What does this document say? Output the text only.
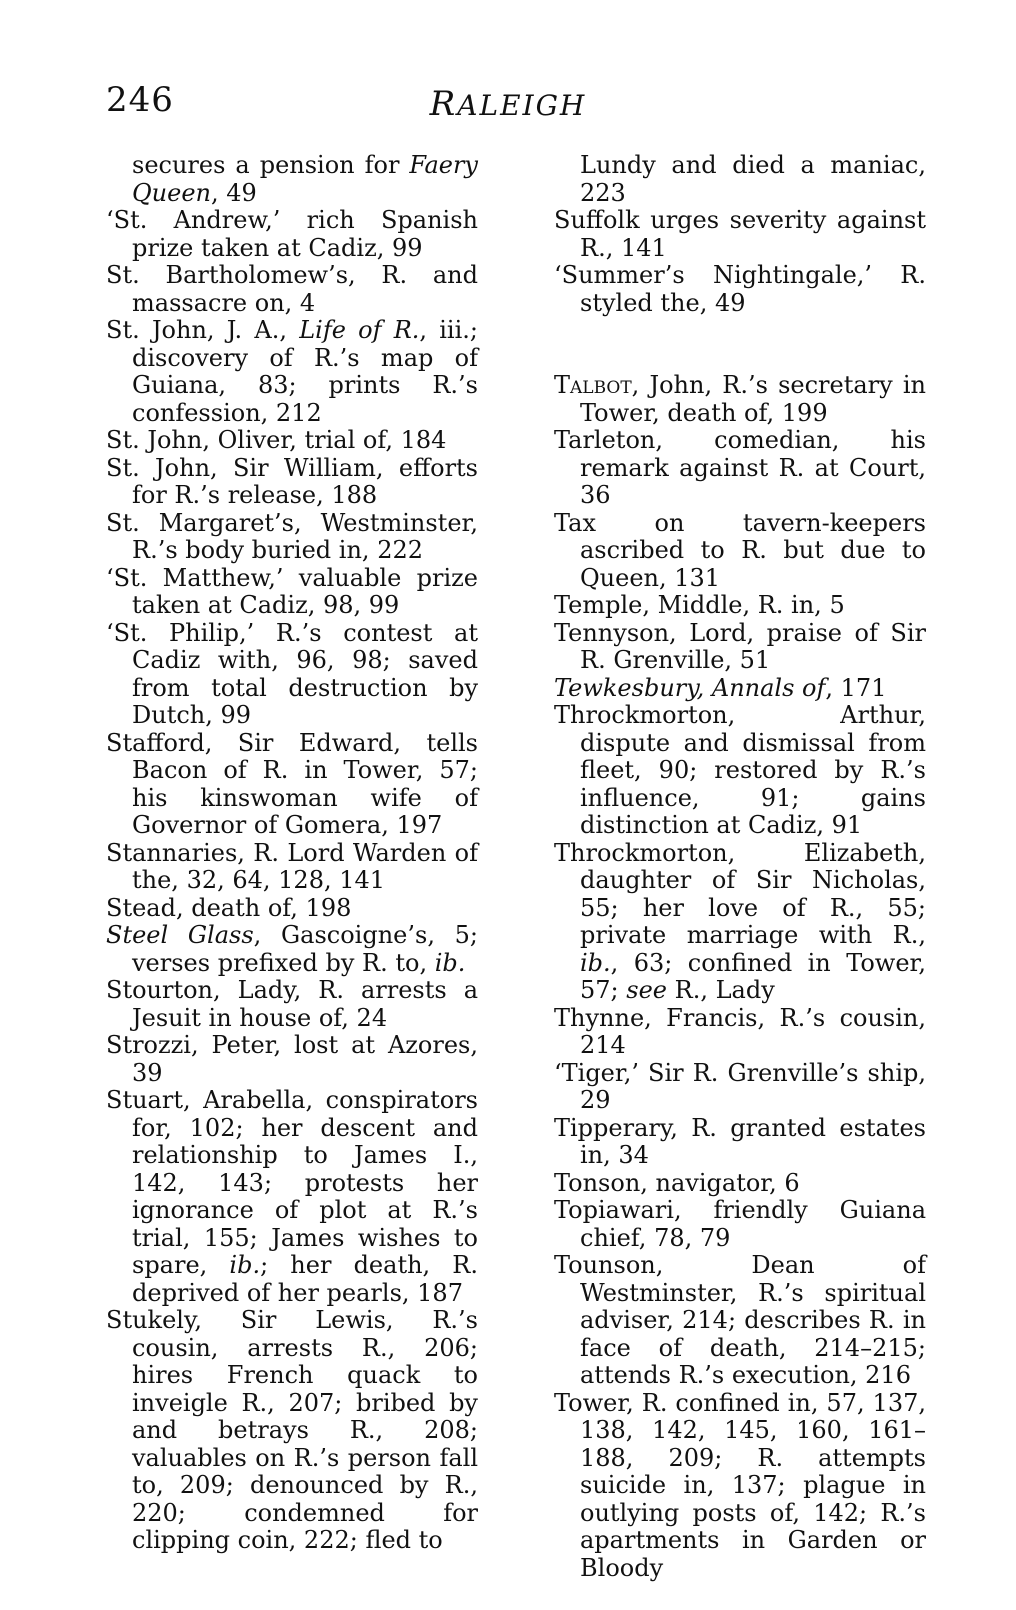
246	RALEIGH

secures a pension for Faery Queen, 49

‘St. Andrew,’ rich Spanish prize taken at Cadiz, 99

St. Bartholomew’s, R. and massacre on, 4

St. John, J. A., Life of R., iii.; discovery of R.’s map of Guiana, 83; prints R.’s confession, 212

St. John, Oliver, trial of, 184

St. John, Sir William, efforts for R.’s release, 188

St. Margaret’s, Westminster, R.’s body buried in, 222

‘St. Matthew,’ valuable prize taken at Cadiz, 98, 99

‘St. Philip,’ R.’s contest at Cadiz with, 96, 98; saved from total destruction by Dutch, 99

Stafford, Sir Edward, tells Bacon of R. in Tower, 57; his kinswoman wife of Governor of Gomera, 197

Stannaries, R. Lord Warden of the, 32, 64, 128, 141

Stead, death of, 198

Steel Glass, Gascoigne’s, 5; verses prefixed by R. to, ib.

Stourton, Lady, R. arrests a Jesuit in house of, 24

Strozzi, Peter, lost at Azores, 39

Stuart, Arabella, conspirators for, 102; her descent and relationship to James I., 142, 143; protests her ignorance of plot at R.’s trial, 155; James wishes to spare, ib.; her death, R. deprived of her pearls, 187

Stukely, Sir Lewis, R.’s cousin, arrests R., 206; hires French quack to inveigle R., 207; bribed by and betrays R., 208; valuables on R.’s person fall to, 209; denounced by R., 220; condemned for clipping coin, 222; fled to

Lundy and died a maniac, 223

Suffolk urges severity against R., 141

‘Summer’s Nightingale,’ R. styled the, 49

Talbot, John, R.’s secretary in Tower, death of, 199

Tarleton, comedian, his remark against R. at Court, 36

Tax on tavern-keepers ascribed to R. but due to Queen, 131

Temple, Middle, R. in, 5

Tennyson, Lord, praise of Sir R. Grenville, 51

Tewkesbury, Annals of, 171

Throckmorton, Arthur, dispute and dismissal from fleet, 90; restored by R.’s influence, 91; gains distinction at Cadiz, 91

Throckmorton, Elizabeth, daughter of Sir Nicholas, 55; her love of R., 55; private marriage with R., ib., 63; confined in Tower, 57; see R., Lady

Thynne, Francis, R.’s cousin, 214

‘Tiger,’ Sir R. Grenville’s ship, 29

Tipperary, R. granted estates in, 34

Tonson, navigator, 6

Topiawari, friendly Guiana chief, 78, 79

Tounson, Dean of Westminster, R.’s spiritual adviser, 214; describes R. in face of death, 214–215; attends R.’s execution, 216

Tower, R. confined in, 57, 137, 138, 142, 145, 160, 161–188, 209; R. attempts suicide in, 137; plague in outlying posts of, 142; R.’s apartments in Garden or Bloody
